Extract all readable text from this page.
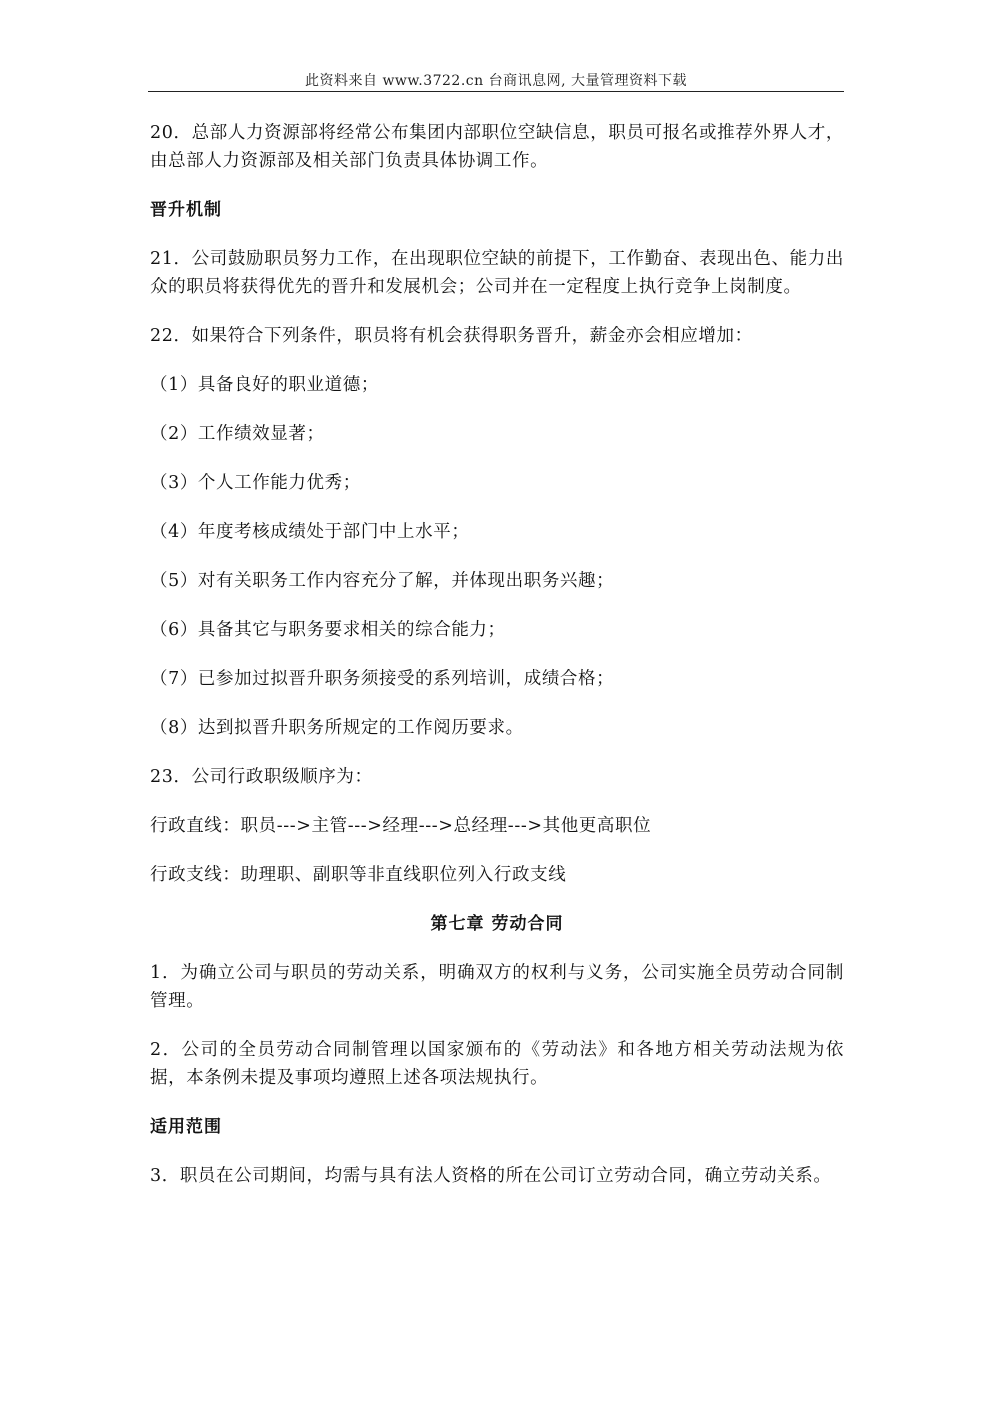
此资料来自 www.3722.cn 台商讯息网, 大量管理资料下载

20．总部人力资源部将经常公布集团内部职位空缺信息，职员可报名或推荐外界人才，由总部人力资源部及相关部门负责具体协调工作。

晋升机制

21．公司鼓励职员努力工作，在出现职位空缺的前提下，工作勤奋、表现出色、能力出众的职员将获得优先的晋升和发展机会；公司并在一定程度上执行竞争上岗制度。

22．如果符合下列条件，职员将有机会获得职务晋升，薪金亦会相应增加：

（1）具备良好的职业道德；

（2）工作绩效显著；

（3）个人工作能力优秀；

（4）年度考核成绩处于部门中上水平；

（5）对有关职务工作内容充分了解，并体现出职务兴趣；

（6）具备其它与职务要求相关的综合能力；

（7）已参加过拟晋升职务须接受的系列培训，成绩合格；

（8）达到拟晋升职务所规定的工作阅历要求。

23．公司行政职级顺序为：

行政直线：职员--->主管--->经理--->总经理--->其他更高职位

行政支线：助理职、副职等非直线职位列入行政支线

第七章 劳动合同

1．为确立公司与职员的劳动关系，明确双方的权利与义务，公司实施全员劳动合同制管理。

2．公司的全员劳动合同制管理以国家颁布的《劳动法》和各地方相关劳动法规为依据，本条例未提及事项均遵照上述各项法规执行。

适用范围

3．职员在公司期间，均需与具有法人资格的所在公司订立劳动合同，确立劳动关系。
